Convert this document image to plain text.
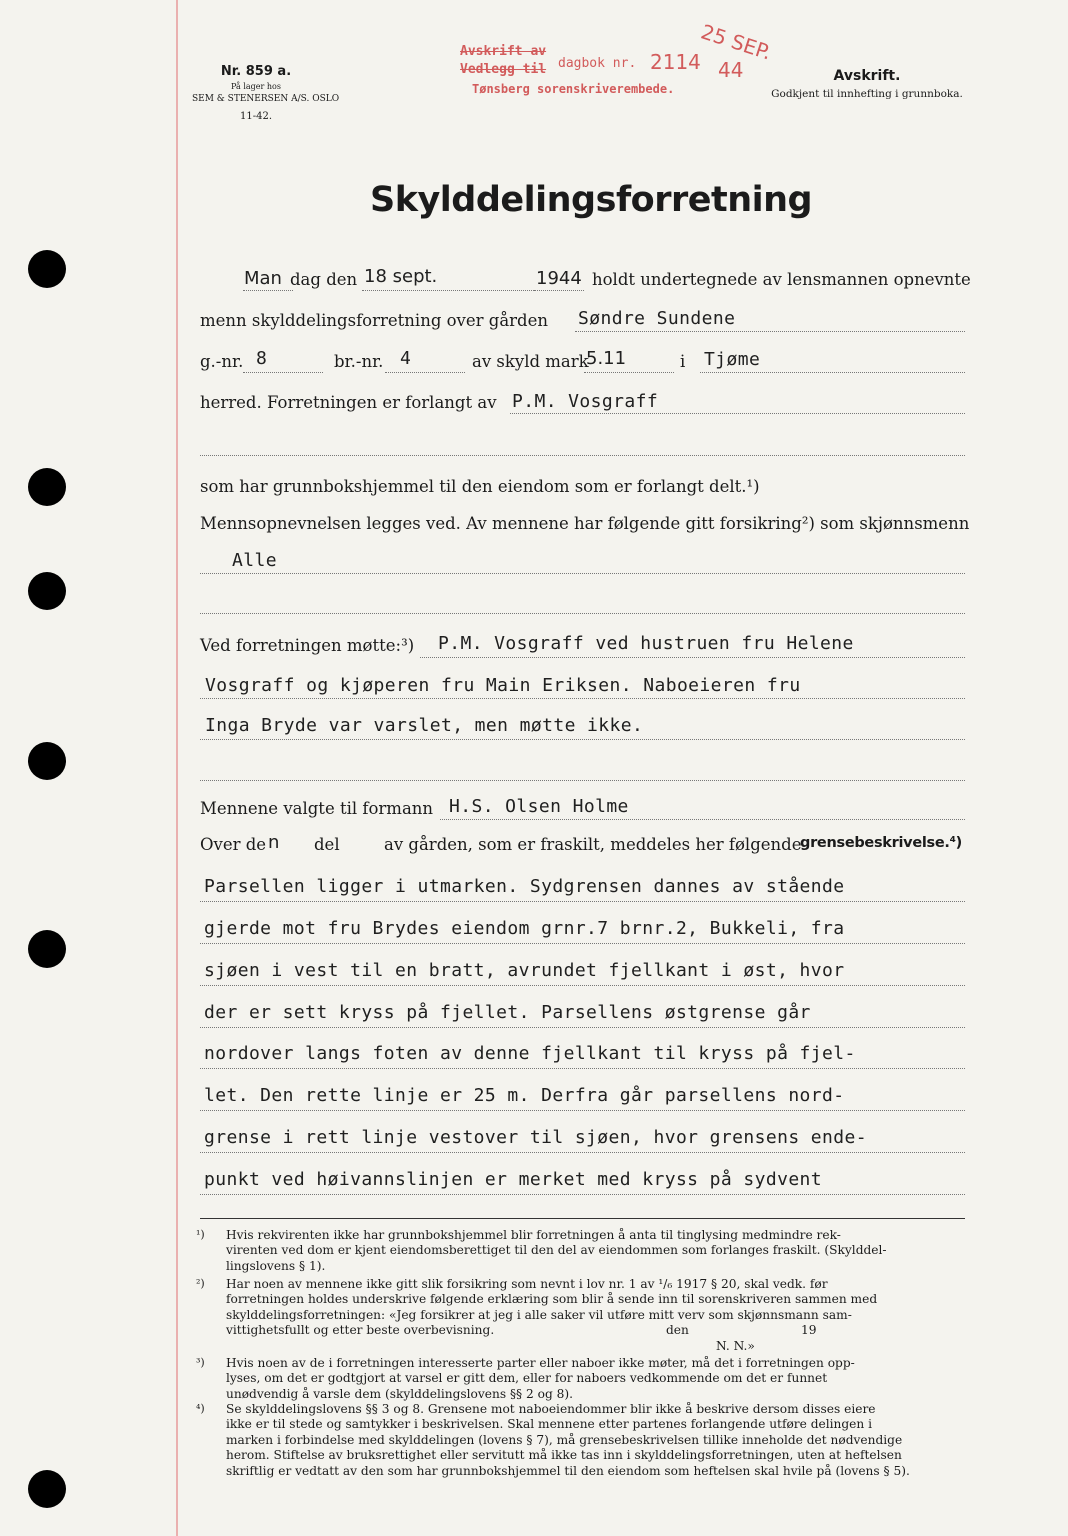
Nr. 859 a.
På lager hos
SEM & STENERSEN A/S. OSLO
11-42.
Avskrift av
dagbok nr.
Vedlegg til
Tønsberg sorenskriverembede.
2114
25 SEP.
44	Avskrift.
Godkjent til innhefting i grunnboka.
Skylddelingsforretning
Man dag den 18 sept.	1944 holdt undertegnede av lensmannen opnevnte
menn skylddelingsforretning over gården Søndre Sundene
g.-nr. 8	br.-nr. 4	av skyld mark
5.11	i Tjøme
herred. Forretningen er forlangt av P.M. Vosgraff
som har grunnbokshjemmel til den eiendom som er forlangt delt.¹)
Mennsopnevnelsen legges ved. Av mennene har følgende gitt forsikring²) som skjønnsmenn
Alle
Ved forretningen møtte:³) P.M. Vosgraff ved hustruen fru Helene
Vosgraff og kjøperen fru Main Eriksen. Naboeieren fru
Inga Bryde var varslet, men møtte ikke.
Mennene valgte til formann H.S. Olsen Holme
Over de n del	av gården, som er fraskilt, meddeles her følgende
grensebeskrivelse.⁴)
Parsellen ligger i utmarken. Sydgrensen dannes av stående
gjerde mot fru Brydes eiendom grnr.7 brnr.2, Bukkeli, fra
sjøen i vest til en bratt, avrundet fjellkant i øst, hvor
der er sett kryss på fjellet. Parsellens østgrense går
nordover langs foten av denne fjellkant til kryss på fjel-
let. Den rette linje er 25 m. Derfra går parsellens nord-
grense i rett linje vestover til sjøen, hvor grensens ende-
punkt ved høivannslinjen er merket med kryss på sydvent
¹) Hvis rekvirenten ikke har grunnbokshjemmel blir forretningen å anta til tinglysing medmindre rek-
virenten ved dom er kjent eiendomsberettiget til den del av eiendommen som forlanges fraskilt. (Skylddel-
lingslovens § 1).
²) Har noen av mennene ikke gitt slik forsikring som nevnt i lov nr. 1 av ¹/₆ 1917 § 20, skal vedk. før
forretningen holdes underskrive følgende erklæring som blir å sende inn til sorenskriveren sammen med
skylddelingsforretningen: «Jeg forsikrer at jeg i alle saker vil utføre mitt verv som skjønnsmann sam-
vittighetsfullt og etter beste overbevisning.	den	19
N. N.»
³) Hvis noen av de i forretningen interesserte parter eller naboer ikke møter, må det i forretningen opp-
lyses, om det er godtgjort at varsel er gitt dem, eller for naboers vedkommende om det er funnet
unødvendig å varsle dem (skylddelingslovens §§ 2 og 8).
⁴) Se skylddelingslovens §§ 3 og 8. Grensene mot naboeiendommer blir ikke å beskrive dersom disses eiere
ikke er til stede og samtykker i beskrivelsen. Skal mennene etter partenes forlangende utføre delingen i
marken i forbindelse med skylddelingen (lovens § 7), må grensebeskrivelsen tillike inneholde det nødvendige
herom. Stiftelse av bruksrettighet eller servitutt må ikke tas inn i skylddelingsforretningen, uten at heftelsen
skriftlig er vedtatt av den som har grunnbokshjemmel til den eiendom som heftelsen skal hvile på (lovens § 5).
